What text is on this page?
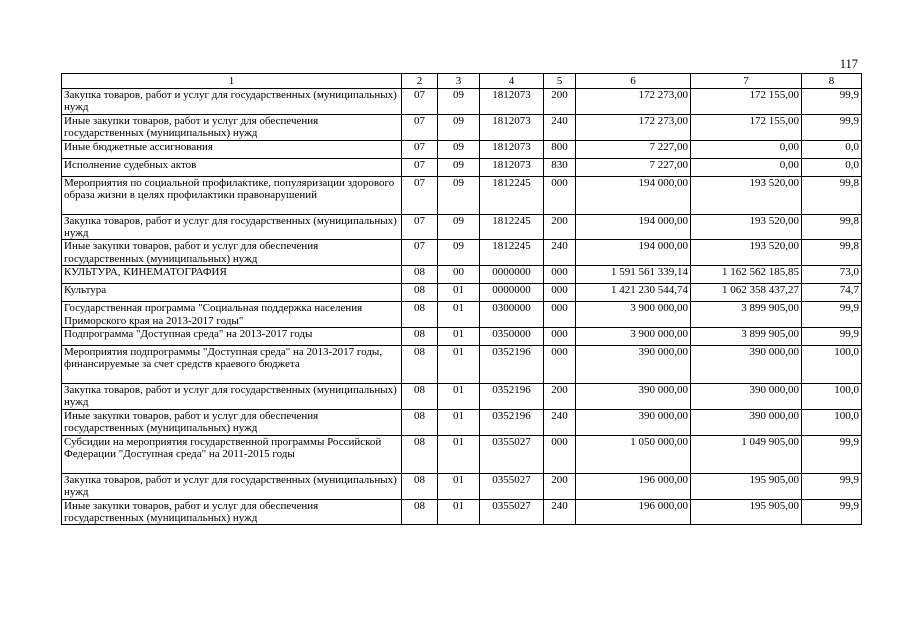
117
1	2	3	4	5	6	7	8
Закупка товаров, работ и услуг для государственных (муниципальных) нужд	07	09	1812073	200	172 273,00	172 155,00	99,9
Иные закупки товаров, работ и услуг для обеспечения государственных (муниципальных) нужд	07	09	1812073	240	172 273,00	172 155,00	99,9
Иные бюджетные ассигнования	07	09	1812073	800	7 227,00	0,00	0,0
Исполнение судебных актов	07	09	1812073	830	7 227,00	0,00	0,0
Мероприятия по социальной профилактике, популяризации здорового образа жизни в целях профилактики правонарушений	07	09	1812245	000	194 000,00	193 520,00	99,8
Закупка товаров, работ и услуг для государственных (муниципальных) нужд	07	09	1812245	200	194 000,00	193 520,00	99,8
Иные закупки товаров, работ и услуг для обеспечения государственных (муниципальных) нужд	07	09	1812245	240	194 000,00	193 520,00	99,8
КУЛЬТУРА, КИНЕМАТОГРАФИЯ	08	00	0000000	000	1 591 561 339,14	1 162 562 185,85	73,0
Культура	08	01	0000000	000	1 421 230 544,74	1 062 358 437,27	74,7
Государственная программа "Социальная поддержка населения Приморского края на 2013-2017 годы"	08	01	0300000	000	3 900 000,00	3 899 905,00	99,9
Подпрограмма "Доступная среда" на 2013-2017 годы	08	01	0350000	000	3 900 000,00	3 899 905,00	99,9
Мероприятия подпрограммы "Доступная среда" на 2013-2017 годы, финансируемые за счет средств краевого бюджета	08	01	0352196	000	390 000,00	390 000,00	100,0
Закупка товаров, работ и услуг для государственных (муниципальных) нужд	08	01	0352196	200	390 000,00	390 000,00	100,0
Иные закупки товаров, работ и услуг для обеспечения государственных (муниципальных) нужд	08	01	0352196	240	390 000,00	390 000,00	100,0
Субсидии на мероприятия государственной программы Российской Федерации "Доступная среда" на 2011-2015 годы	08	01	0355027	000	1 050 000,00	1 049 905,00	99,9
Закупка товаров, работ и услуг для государственных (муниципальных) нужд	08	01	0355027	200	196 000,00	195 905,00	99,9
Иные закупки товаров, работ и услуг для обеспечения государственных (муниципальных) нужд	08	01	0355027	240	196 000,00	195 905,00	99,9
